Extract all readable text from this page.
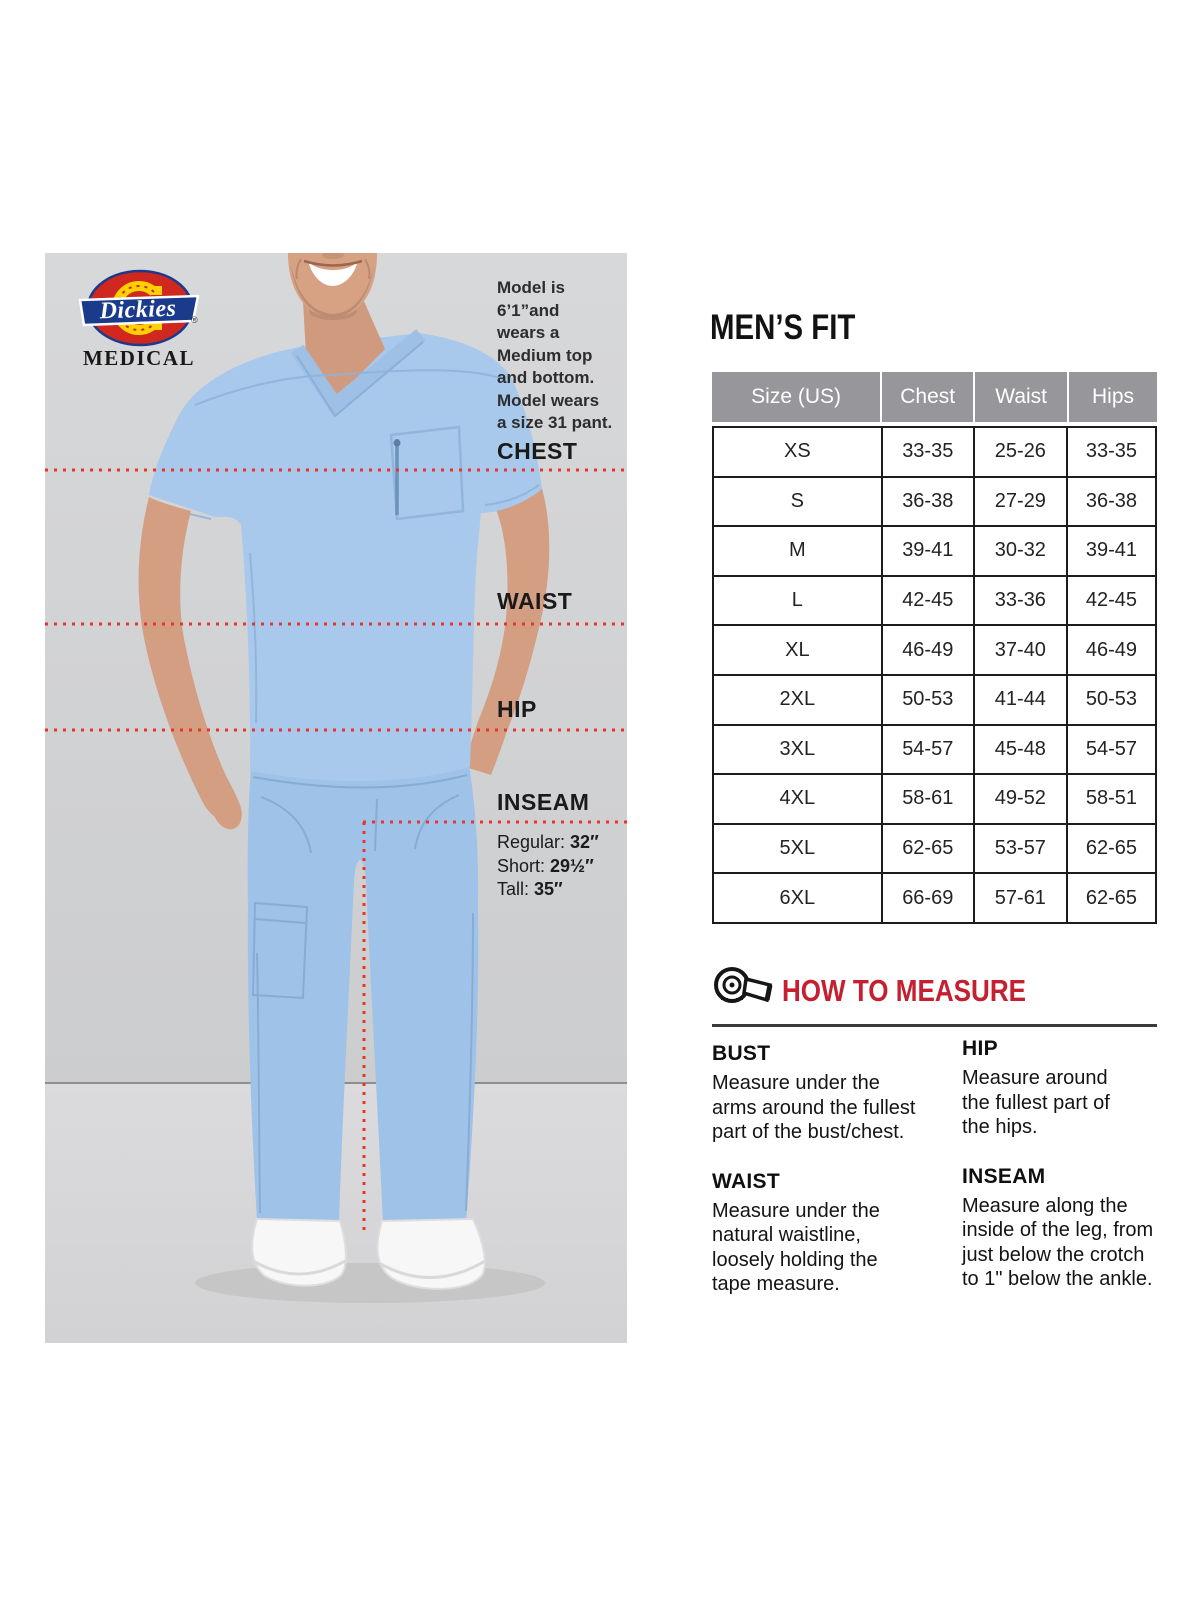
Dickies	®
MEDICAL
Model is
6’1”and
wears a
Medium top
and bottom.
Model wears
a size 31 pant.
CHEST
WAIST
HIP
INSEAM
Regular: 32″
Short: 29½″
Tall: 35″
MEN’S FIT
Size (US)	Chest	Waist	Hips
XS	33-35	25-26	33-35
S	36-38	27-29	36-38
M	39-41	30-32	39-41
L	42-45	33-36	42-45
XL	46-49	37-40	46-49
2XL	50-53	41-44	50-53
3XL	54-57	45-48	54-57
4XL	58-61	49-52	58-51
5XL	62-65	53-57	62-65
6XL	66-69	57-61	62-65
HOW TO MEASURE
BUST
Measure under the
arms around the fullest
part of the bust/chest.
WAIST
Measure under the
natural waistline,
loosely holding the
tape measure.
HIP
Measure around
the fullest part of
the hips.
INSEAM
Measure along the
inside of the leg, from
just below the crotch
to 1" below the ankle.
